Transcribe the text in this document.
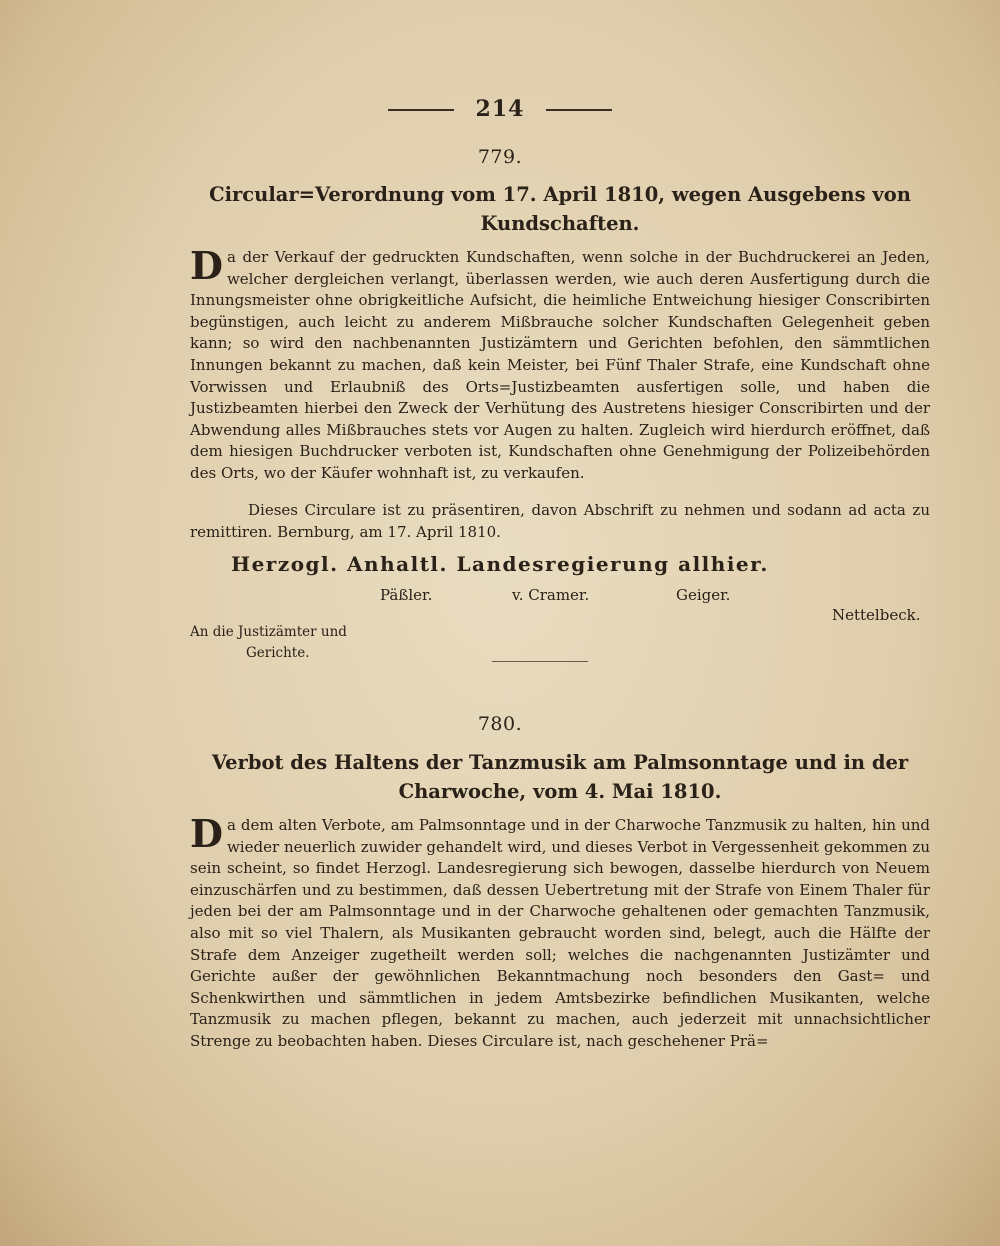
214
779.
Circular=Verordnung vom 17. April 1810, wegen Ausgebens von Kundschaften.

Da der Verkauf der gedruckten Kundschaften, wenn solche in der Buchdruckerei an Jeden, welcher dergleichen verlangt, überlassen werden, wie auch deren Ausfertigung durch die Innungsmeister ohne obrigkeitliche Aufsicht, die heimliche Entweichung hiesiger Conscribirten begünstigen, auch leicht zu anderem Mißbrauche solcher Kundschaften Gelegenheit geben kann; so wird den nachbenannten Justizämtern und Gerichten befohlen, den sämmtlichen Innungen bekannt zu machen, daß kein Meister, bei Fünf Thaler Strafe, eine Kundschaft ohne Vorwissen und Erlaubniß des Orts=Justizbeamten ausfertigen solle, und haben die Justizbeamten hierbei den Zweck der Verhütung des Austretens hiesiger Conscribirten und der Abwendung alles Mißbrauches stets vor Augen zu halten. Zugleich wird hierdurch eröffnet, daß dem hiesigen Buchdrucker verboten ist, Kundschaften ohne Genehmigung der Polizeibehörden des Orts, wo der Käufer wohnhaft ist, zu verkaufen.

Dieses Circulare ist zu präsentiren, davon Abschrift zu nehmen und sodann ad acta zu remittiren. Bernburg, am 17. April 1810.

Herzogl. Anhaltl. Landesregierung allhier.
Päßler.	v. Cramer.	Geiger.
Nettelbeck.
An die Justizämter und
Gerichte.
780.
Verbot des Haltens der Tanzmusik am Palmsonntage und in der Charwoche, vom 4. Mai 1810.

Da dem alten Verbote, am Palmsonntage und in der Charwoche Tanzmusik zu halten, hin und wieder neuerlich zuwider gehandelt wird, und dieses Verbot in Vergessenheit gekommen zu sein scheint, so findet Herzogl. Landesregierung sich bewogen, dasselbe hierdurch von Neuem einzuschärfen und zu bestimmen, daß dessen Uebertretung mit der Strafe von Einem Thaler für jeden bei der am Palmsonntage und in der Charwoche gehaltenen oder gemachten Tanzmusik, also mit so viel Thalern, als Musikanten gebraucht worden sind, belegt, auch die Hälfte der Strafe dem Anzeiger zugetheilt werden soll; welches die nachgenannten Justizämter und Gerichte außer der gewöhnlichen Bekanntmachung noch besonders den Gast= und Schenkwirthen und sämmtlichen in jedem Amtsbezirke befindlichen Musikanten, welche Tanzmusik zu machen pflegen, bekannt zu machen, auch jederzeit mit unnachsichtlicher Strenge zu beobachten haben. Dieses Circulare ist, nach geschehener Prä=
